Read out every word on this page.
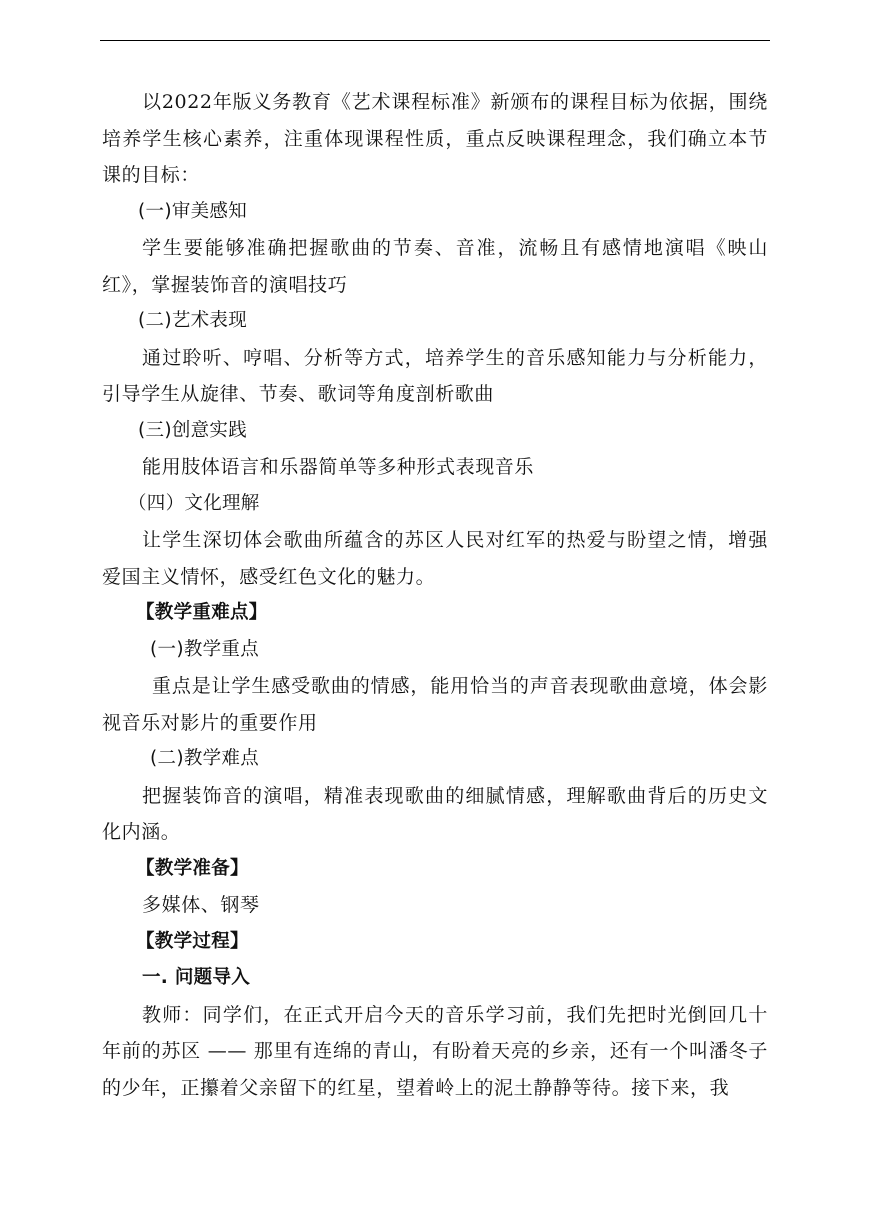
以2022年版义务教育《艺术课程标准》新颁布的课程目标为依据，围绕培养学生核心素养，注重体现课程性质，重点反映课程理念，我们确立本节课的目标：

(一)审美感知

学生要能够准确把握歌曲的节奏、音准，流畅且有感情地演唱《映山红》，掌握装饰音的演唱技巧

(二)艺术表现

通过聆听、哼唱、分析等方式，培养学生的音乐感知能力与分析能力，引导学生从旋律、节奏、歌词等角度剖析歌曲

(三)创意实践

能用肢体语言和乐器简单等多种形式表现音乐

（四）文化理解

让学生深切体会歌曲所蕴含的苏区人民对红军的热爱与盼望之情，增强爱国主义情怀，感受红色文化的魅力。

【教学重难点】

(一)教学重点

重点是让学生感受歌曲的情感，能用恰当的声音表现歌曲意境，体会影视音乐对影片的重要作用

(二)教学难点

把握装饰音的演唱，精准表现歌曲的细腻情感，理解歌曲背后的历史文化内涵。

【教学准备】

多媒体、钢琴

【教学过程】

一. 问题导入

教师：同学们，在正式开启今天的音乐学习前，我们先把时光倒回几十年前的苏区 —— 那里有连绵的青山，有盼着天亮的乡亲，还有一个叫潘冬子的少年，正攥着父亲留下的红星，望着岭上的泥土静静等待。接下来，我
